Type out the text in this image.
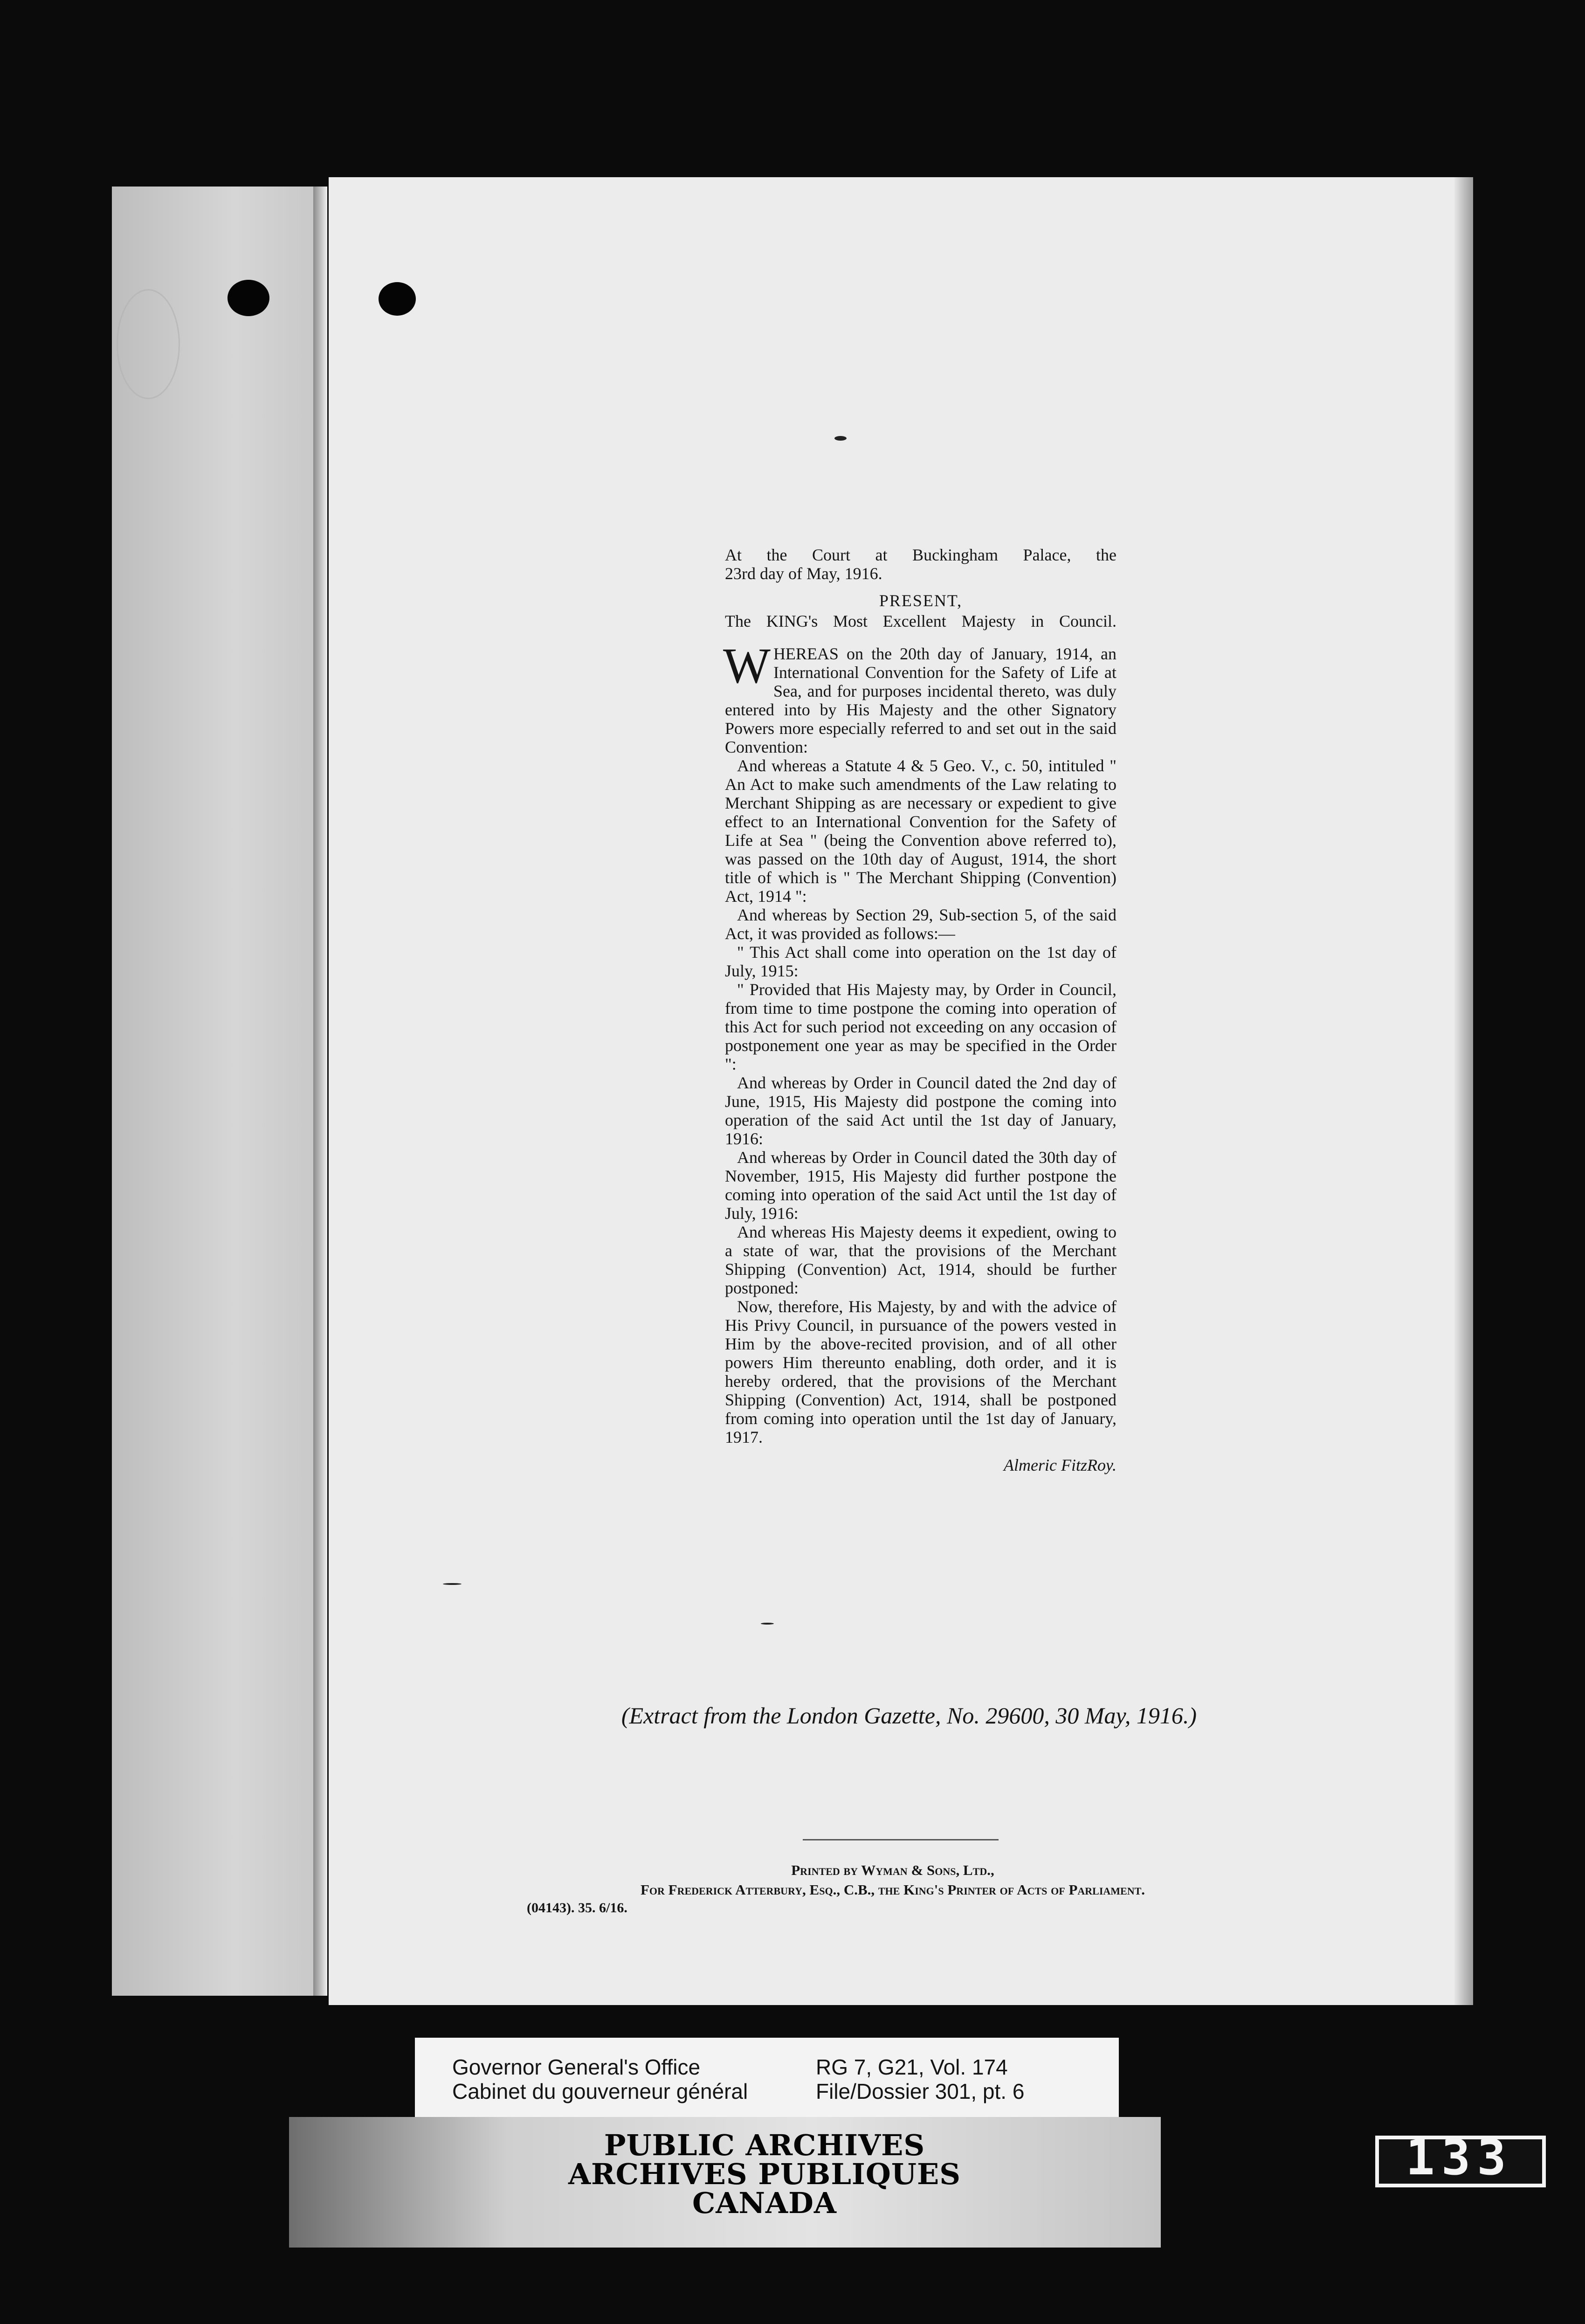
At the Court at Buckingham Palace, the
23rd day of May, 1916.
PRESENT,
The KING's Most Excellent Majesty in Council.
WHEREAS on the 20th day of January, 1914, an International Convention for the Safety of Life at Sea, and for purposes incidental thereto, was duly entered into by His Majesty and the other Signatory Powers more especially referred to and set out in the said Convention:
And whereas a Statute 4 & 5 Geo. V., c. 50, intituled " An Act to make such amendments of the Law relating to Merchant Shipping as are necessary or expedient to give effect to an International Convention for the Safety of Life at Sea " (being the Convention above referred to), was passed on the 10th day of August, 1914, the short title of which is " The Merchant Shipping (Convention) Act, 1914 ":
And whereas by Section 29, Sub-section 5, of the said Act, it was provided as follows:—
" This Act shall come into operation on the 1st day of July, 1915:
" Provided that His Majesty may, by Order in Council, from time to time postpone the coming into operation of this Act for such period not exceeding on any occasion of postponement one year as may be specified in the Order ":
And whereas by Order in Council dated the 2nd day of June, 1915, His Majesty did postpone the coming into operation of the said Act until the 1st day of January, 1916:
And whereas by Order in Council dated the 30th day of November, 1915, His Majesty did further postpone the coming into operation of the said Act until the 1st day of July, 1916:
And whereas His Majesty deems it expedient, owing to a state of war, that the provisions of the Merchant Shipping (Convention) Act, 1914, should be further postponed:
Now, therefore, His Majesty, by and with the advice of His Privy Council, in pursuance of the powers vested in Him by the above-recited provision, and of all other powers Him thereunto enabling, doth order, and it is hereby ordered, that the provisions of the Merchant Shipping (Convention) Act, 1914, shall be postponed from coming into operation until the 1st day of January, 1917.
Almeric FitzRoy.
(Extract from the London Gazette, No. 29600, 30 May, 1916.)
Printed by Wyman & Sons, Ltd.,
For Frederick Atterbury, Esq., C.B., the King's Printer of Acts of Parliament.
(04143). 35. 6/16.
Governor General's Office
Cabinet du gouverneur général
RG 7, G21, Vol. 174
File/Dossier 301, pt. 6
PUBLIC ARCHIVES
ARCHIVES PUBLIQUES
CANADA
133
